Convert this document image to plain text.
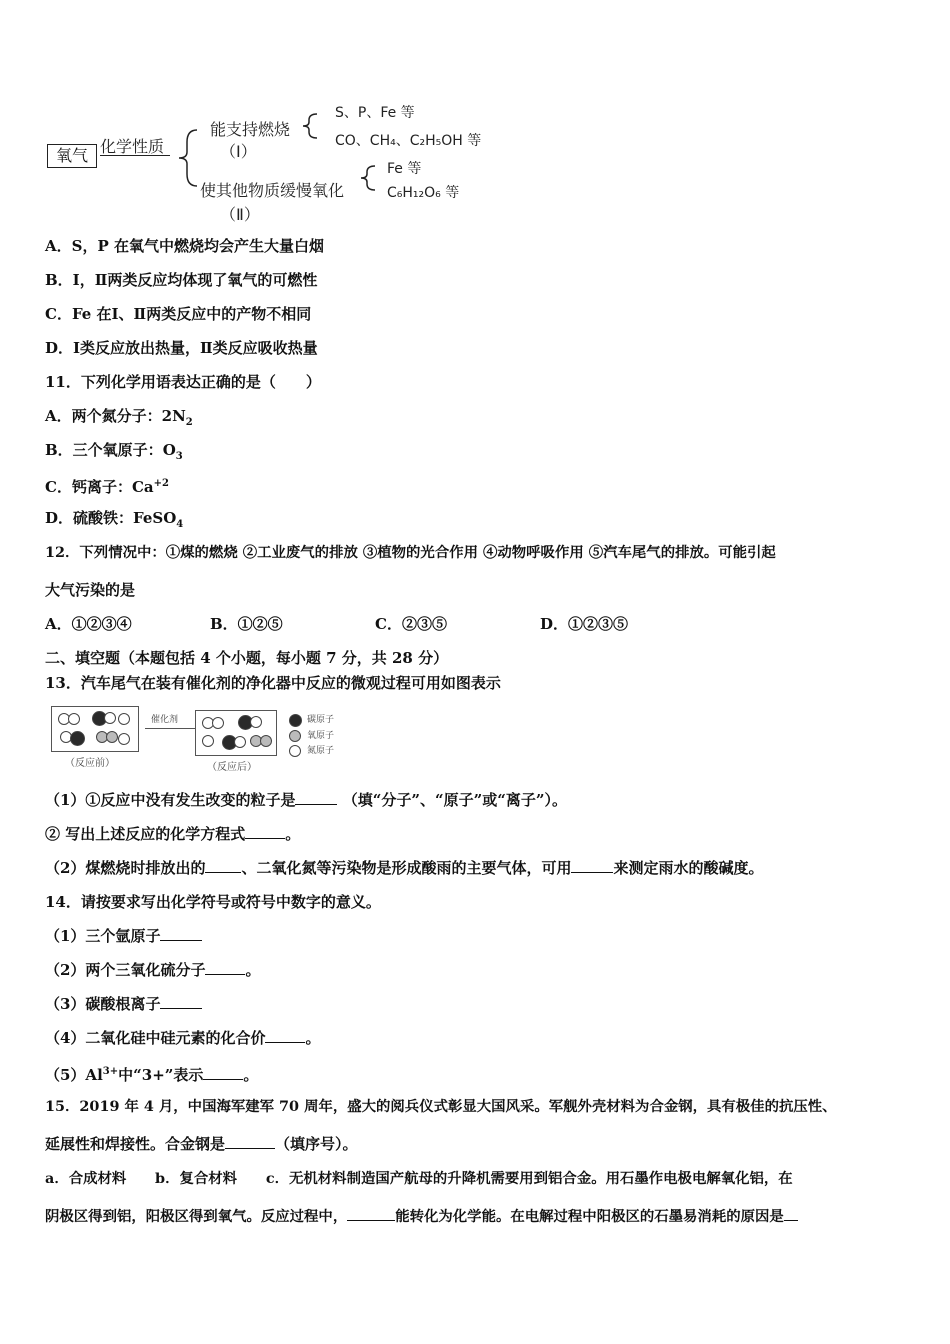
氧气 化学性质
能支持燃烧
（Ⅰ）
S、P、Fe 等
CO、CH₄、C₂H₅OH 等
使其他物质缓慢氧化
（Ⅱ）
Fe 等
C₆H₁₂O₆ 等
A．S，P 在氧气中燃烧均会产生大量白烟
B．Ⅰ，Ⅱ两类反应均体现了氧气的可燃性
C．Fe 在Ⅰ、Ⅱ两类反应中的产物不相同
D．Ⅰ类反应放出热量，Ⅱ类反应吸收热量
11．下列化学用语表达正确的是（　　）
A．两个氮分子：$2N_2$
B．三个氧原子：$O_3$
C．钙离子：$Ca^{+2}$
D．硫酸铁：FeSO$_4$
12．下列情况中：①煤的燃烧 ②工业废气的排放 ③植物的光合作用 ④动物呼吸作用 ⑤汽车尾气的排放。可能引起
大气污染的是
A．①②③④	B．①②⑤	C．②③⑤	D．①②③⑤
二、填空题（本题包括 4 个小题，每小题 7 分，共 28 分）
13．汽车尾气在装有催化剂的净化器中反应的微观过程可用如图表示
（反应前）
催化剂
（反应后）
碳原子
氧原子
氮原子
（1）①反应中没有发生改变的粒子是	（填“分子”、“原子”或“离子”）。
② 写出上述反应的化学方程式	。
（2）煤燃烧时排放出的 、二氧化氮等污染物是形成酸雨的主要气体，可用	来测定雨水的酸碱度。
14．请按要求写出化学符号或符号中数字的意义。
（1）三个氩原子
（2）两个三氧化硫分子	。
（3）碳酸根离子
（4）二氧化硅中硅元素的化合价	。
$(5)Al^{3+}$中“3+”表示	。
15．2019 年 4 月，中国海军建军 70 周年，盛大的阅兵仪式彰显大国风采。军舰外壳材料为合金钢，具有极佳的抗压性、
延展性和焊接性。合金钢是	（填序号）。
a．合成材料　　b．复合材料　　c．无机材料制造国产航母的升降机需要用到铝合金。用石墨作电极电解氧化铝，在
阴极区得到铝，阳极区得到氧气。反应过程中，	能转化为化学能。在电解过程中阳极区的石墨易消耗的原因是
